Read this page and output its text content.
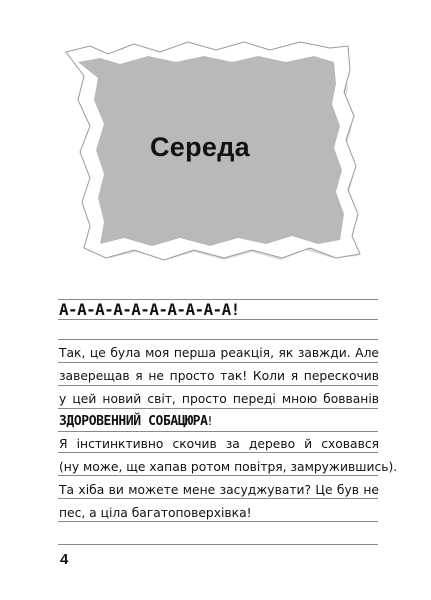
Середа
А-А-А-А-А-А-А-А-А-А!
Так, це була моя перша реакція, як завжди. Але
заверещав я не просто так! Коли я перескочив
у цей новий світ, просто переді мною бовванів
ЗДОРОВЕННИЙ СОБАЦЮРА!
Я інстинктивно скочив за дерево й сховався
(ну може, ще хапав ротом повітря, замружившись).
Та хіба ви можете мене засуджувати? Це був не
пес, а ціла багатоповерхівка!
4
